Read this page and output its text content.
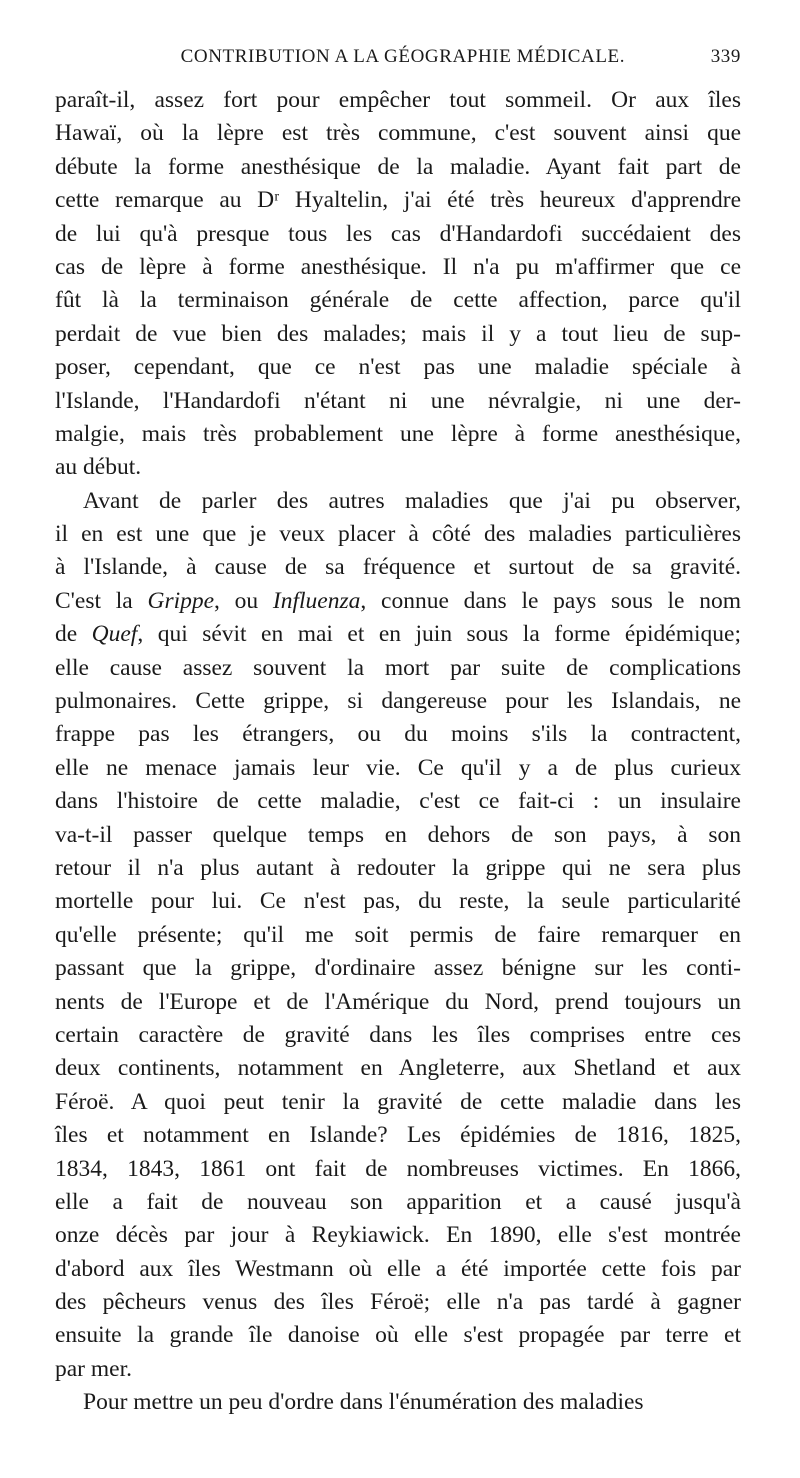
CONTRIBUTION A LA GÉOGRAPHIE MÉDICALE.	339
paraît-il, assez fort pour empêcher tout sommeil. Or aux îles
Hawaï, où la lèpre est très commune, c'est souvent ainsi que
débute la forme anesthésique de la maladie. Ayant fait part de
cette remarque au Dʳ Hyaltelin, j'ai été très heureux d'apprendre
de lui qu'à presque tous les cas d'Handardofi succédaient des
cas de lèpre à forme anesthésique. Il n'a pu m'affirmer que ce
fût là la terminaison générale de cette affection, parce qu'il
perdait de vue bien des malades; mais il y a tout lieu de sup-
poser, cependant, que ce n'est pas une maladie spéciale à
l'Islande, l'Handardofi n'étant ni une névralgie, ni une der-
malgie, mais très probablement une lèpre à forme anesthésique,
au début.
Avant de parler des autres maladies que j'ai pu observer,
il en est une que je veux placer à côté des maladies particulières
à l'Islande, à cause de sa fréquence et surtout de sa gravité.
C'est la Grippe, ou Influenza, connue dans le pays sous le nom
de Quef, qui sévit en mai et en juin sous la forme épidémique;
elle cause assez souvent la mort par suite de complications
pulmonaires. Cette grippe, si dangereuse pour les Islandais, ne
frappe pas les étrangers, ou du moins s'ils la contractent,
elle ne menace jamais leur vie. Ce qu'il y a de plus curieux
dans l'histoire de cette maladie, c'est ce fait-ci : un insulaire
va-t-il passer quelque temps en dehors de son pays, à son
retour il n'a plus autant à redouter la grippe qui ne sera plus
mortelle pour lui. Ce n'est pas, du reste, la seule particularité
qu'elle présente; qu'il me soit permis de faire remarquer en
passant que la grippe, d'ordinaire assez bénigne sur les conti-
nents de l'Europe et de l'Amérique du Nord, prend toujours un
certain caractère de gravité dans les îles comprises entre ces
deux continents, notamment en Angleterre, aux Shetland et aux
Féroë. A quoi peut tenir la gravité de cette maladie dans les
îles et notamment en Islande? Les épidémies de 1816, 1825,
1834, 1843, 1861 ont fait de nombreuses victimes. En 1866,
elle a fait de nouveau son apparition et a causé jusqu'à
onze décès par jour à Reykiawick. En 1890, elle s'est montrée
d'abord aux îles Westmann où elle a été importée cette fois par
des pêcheurs venus des îles Féroë; elle n'a pas tardé à gagner
ensuite la grande île danoise où elle s'est propagée par terre et
par mer.
Pour mettre un peu d'ordre dans l'énumération des maladies
